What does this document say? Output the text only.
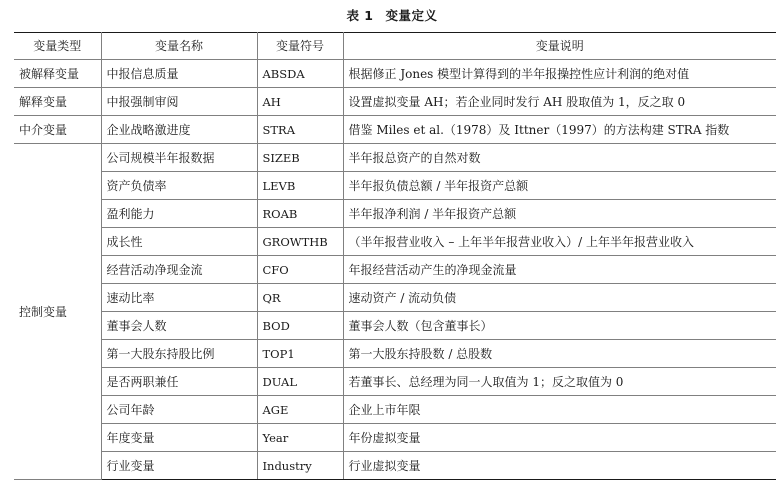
表 1 变量定义
变量类型	变量名称	变量符号	变量说明
被解释变量	中报信息质量	ABSDA	根据修正 Jones 模型计算得到的半年报操控性应计利润的绝对值
解释变量	中报强制审阅	AH	设置虚拟变量 AH；若企业同时发行 AH 股取值为 1，反之取 0
中介变量	企业战略激进度	STRA	借鉴 Miles et al.（1978）及 Ittner（1997）的方法构建 STRA 指数
控制变量	公司规模半年报数据	SIZEB	半年报总资产的自然对数
	资产负债率	LEVB	半年报负债总额 / 半年报资产总额
	盈利能力	ROAB	半年报净利润 / 半年报资产总额
	成长性	GROWTHB	（半年报营业收入 – 上年半年报营业收入）/ 上年半年报营业收入
	经营活动净现金流	CFO	年报经营活动产生的净现金流量
	速动比率	QR	速动资产 / 流动负债
	董事会人数	BOD	董事会人数（包含董事长）
	第一大股东持股比例	TOP1	第一大股东持股数 / 总股数
	是否两职兼任	DUAL	若董事长、总经理为同一人取值为 1；反之取值为 0
	公司年龄	AGE	企业上市年限
	年度变量	Year	年份虚拟变量
	行业变量	Industry	行业虚拟变量
